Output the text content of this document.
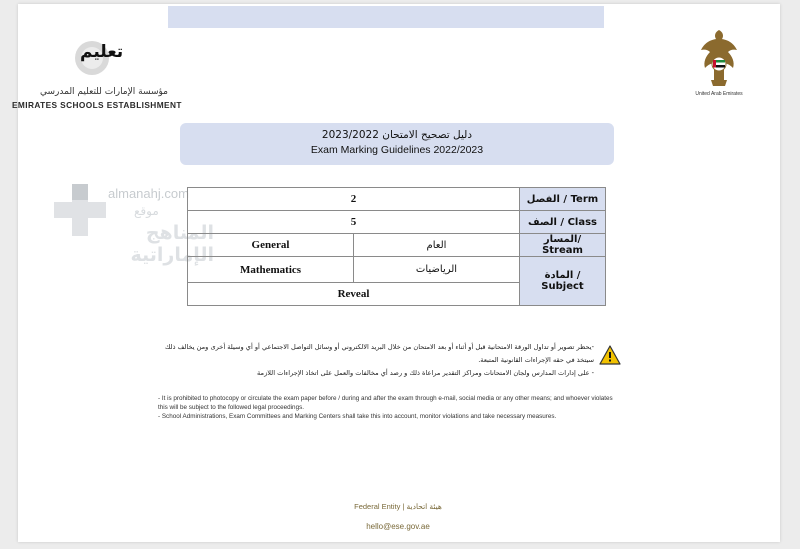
تعليم
مؤسسة الإمارات للتعليم المدرسي
EMIRATES SCHOOLS ESTABLISHMENT
United Arab Emirates
دليل تصحيح الامتحان 2023/2022
Exam Marking Guidelines 2022/2023
almanahj.com
موقع
المناهج الإماراتية
2		الفصل / Term
5		الصف / Class
General	العام	المسار/ Stream
Mathematics	الرياضيات	المادة / Subject
Reveal		
-يحظر تصوير أو تداول الورقة الامتحانية قبل أو أثناء أو بعد الامتحان من خلال البريد الالكتروني أو وسائل التواصل الاجتماعي أو أي وسيلة أخرى ومن يخالف ذلك سيتخذ في حقه الإجراءات القانونية المتبعة.
- على إدارات المدارس ولجان الامتحانات ومراكز التقدير مراعاة ذلك و رصد أي مخالفات والعمل على اتخاذ الإجراءات اللازمة
- It is prohibited to photocopy or circulate the exam paper before / during and after the exam through e-mail, social media or any other means; and whoever violates this will be subject to the followed legal proceedings.
- School Administrations, Exam Committees and Marking Centers shall take this into account, monitor violations and take necessary measures.
Federal Entity | هيئة اتحادية
hello@ese.gov.ae
